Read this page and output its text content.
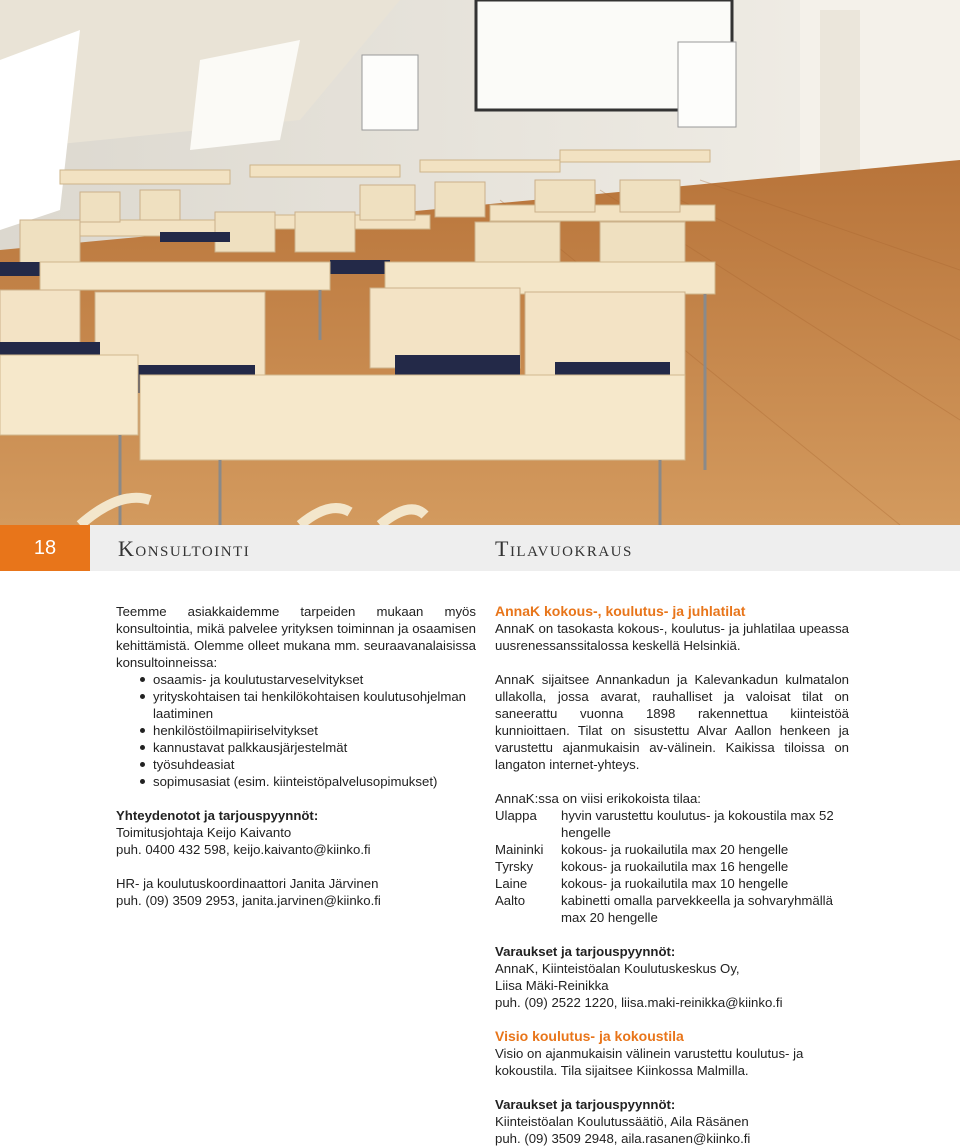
18	Konsultointi	Tilavuokraus

Teemme asiakkaidemme tarpeiden mukaan myös konsultointia, mikä palvelee yrityksen toiminnan ja osaamisen kehittämistä. Olemme olleet mukana mm. seuraavanalaisissa konsultoinneissa:

osaamis- ja koulutustarveselvitykset
yrityskohtaisen tai henkilökohtaisen koulutusohjelman laatiminen
henkilöstöilmapiiriselvitykset
kannustavat palkkausjärjestelmät
työsuhdeasiat
sopimusasiat (esim. kiinteistöpalvelusopimukset)

Yhteydenotot ja tarjouspyynnöt:

Toimitusjohtaja Keijo Kaivanto

puh. 0400 432 598, keijo.kaivanto@kiinko.fi

HR- ja koulutuskoordinaattori Janita Järvinen

puh. (09) 3509 2953, janita.jarvinen@kiinko.fi

AnnaK kokous-, koulutus- ja juhlatilat

AnnaK on tasokasta kokous-, koulutus- ja juhlatilaa upeassa uusrenessanssitalossa keskellä Helsinkiä.

AnnaK sijaitsee Annankadun ja Kalevankadun kulmatalon ullakolla, jossa avarat, rauhalliset ja valoisat tilat on saneerattu vuonna 1898 rakennettua kiinteistöä kunnioittaen. Tilat on sisustettu Alvar Aallon henkeen ja varustettu ajanmukaisin av-välinein. Kaikissa tiloissa on langaton internet-yhteys.

AnnaK:ssa on viisi erikokoista tilaa:

Ulappa	hyvin varustettu koulutus- ja kokoustila max 52 hengelle
Maininki	kokous- ja ruokailutila max 20 hengelle
Tyrsky	kokous- ja ruokailutila max 16 hengelle
Laine	kokous- ja ruokailutila max 10 hengelle
Aalto	kabinetti omalla parvekkeella ja sohvaryhmällä max 20 hengelle

Varaukset ja tarjouspyynnöt:

AnnaK, Kiinteistöalan Koulutuskeskus Oy,

Liisa Mäki-Reinikka

puh. (09) 2522 1220, liisa.maki-reinikka@kiinko.fi

Visio koulutus- ja kokoustila

Visio on ajanmukaisin välinein varustettu koulutus- ja kokoustila. Tila sijaitsee Kiinkossa Malmilla.

Varaukset ja tarjouspyynnöt:

Kiinteistöalan Koulutussäätiö, Aila Räsänen

puh. (09) 3509 2948, aila.rasanen@kiinko.fi
